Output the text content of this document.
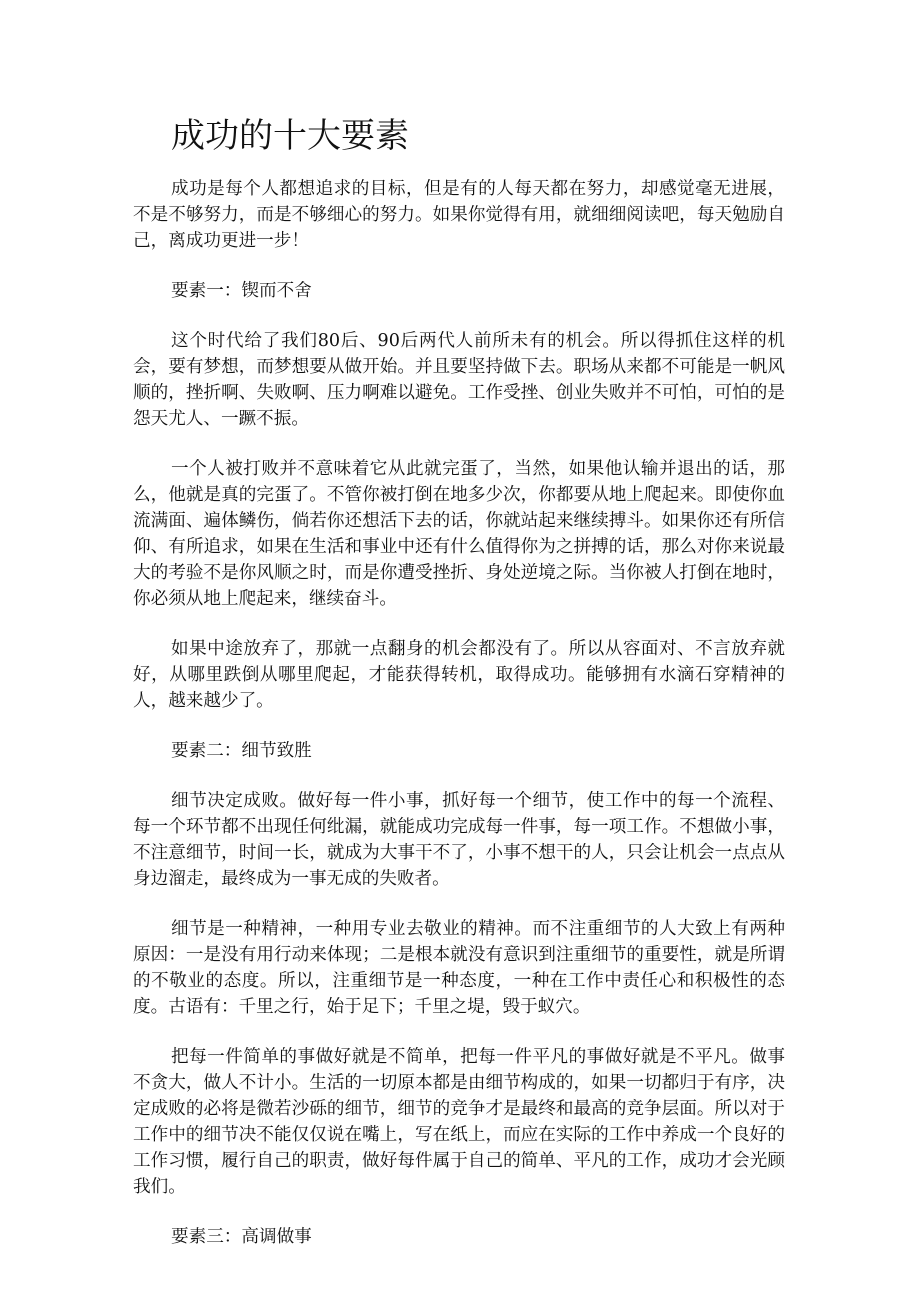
成功的十大要素

成功是每个人都想追求的目标，但是有的人每天都在努力，却感觉毫无进展，不是不够努力，而是不够细心的努力。如果你觉得有用，就细细阅读吧，每天勉励自己，离成功更进一步！

要素一：锲而不舍

这个时代给了我们80后、90后两代人前所未有的机会。所以得抓住这样的机会，要有梦想，而梦想要从做开始。并且要坚持做下去。职场从来都不可能是一帆风顺的，挫折啊、失败啊、压力啊难以避免。工作受挫、创业失败并不可怕，可怕的是怨天尤人、一蹶不振。

一个人被打败并不意味着它从此就完蛋了，当然，如果他认输并退出的话，那么，他就是真的完蛋了。不管你被打倒在地多少次，你都要从地上爬起来。即使你血流满面、遍体鳞伤，倘若你还想活下去的话，你就站起来继续搏斗。如果你还有所信仰、有所追求，如果在生活和事业中还有什么值得你为之拼搏的话，那么对你来说最大的考验不是你风顺之时，而是你遭受挫折、身处逆境之际。当你被人打倒在地时，你必须从地上爬起来，继续奋斗。

如果中途放弃了，那就一点翻身的机会都没有了。所以从容面对、不言放弃就好，从哪里跌倒从哪里爬起，才能获得转机，取得成功。能够拥有水滴石穿精神的人，越来越少了。

要素二：细节致胜

细节决定成败。做好每一件小事，抓好每一个细节，使工作中的每一个流程、每一个环节都不出现任何纰漏，就能成功完成每一件事，每一项工作。不想做小事，不注意细节，时间一长，就成为大事干不了，小事不想干的人，只会让机会一点点从身边溜走，最终成为一事无成的失败者。

细节是一种精神，一种用专业去敬业的精神。而不注重细节的人大致上有两种原因：一是没有用行动来体现；二是根本就没有意识到注重细节的重要性，就是所谓的不敬业的态度。所以，注重细节是一种态度，一种在工作中责任心和积极性的态度。古语有：千里之行，始于足下；千里之堤，毁于蚁穴。

把每一件简单的事做好就是不简单，把每一件平凡的事做好就是不平凡。做事不贪大，做人不计小。生活的一切原本都是由细节构成的，如果一切都归于有序，决定成败的必将是微若沙砾的细节，细节的竞争才是最终和最高的竞争层面。所以对于工作中的细节决不能仅仅说在嘴上，写在纸上，而应在实际的工作中养成一个良好的工作习惯，履行自己的职责，做好每件属于自己的简单、平凡的工作，成功才会光顾我们。

要素三：高调做事
